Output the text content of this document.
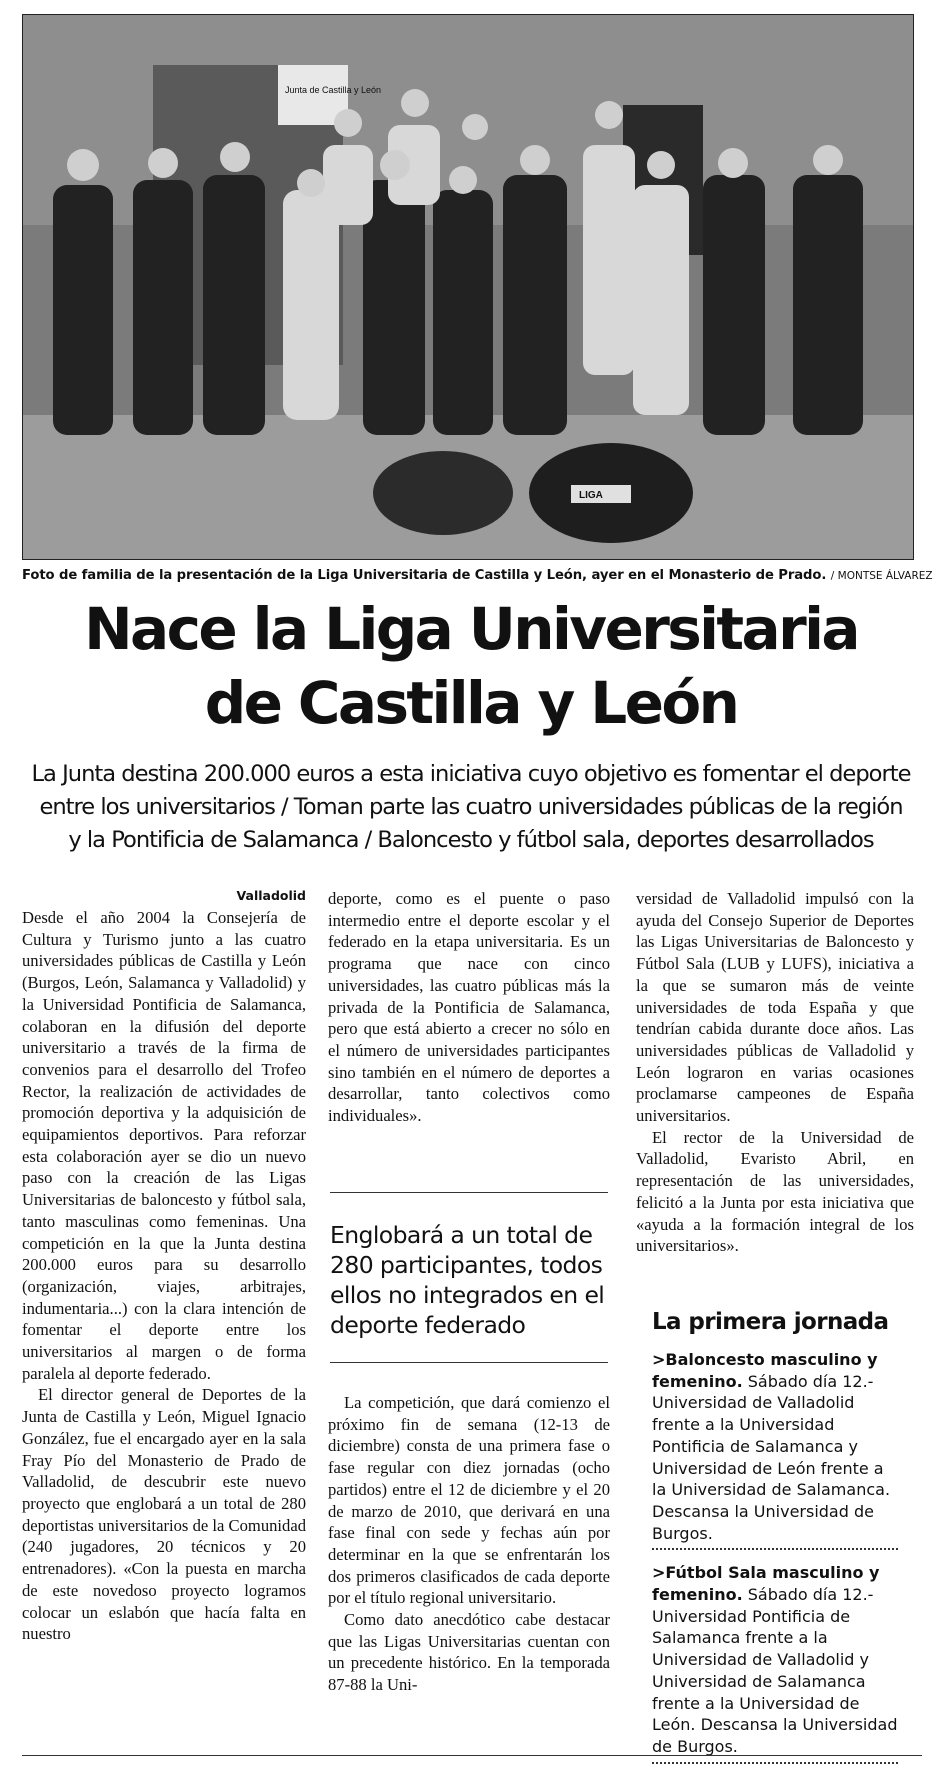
Junta de Castilla y León
LIGA
Foto de familia de la presentación de la Liga Universitaria de Castilla y León, ayer en el Monasterio de Prado. / MONTSE ÁLVAREZ
Nace la Liga Universitaria
de Castilla y León
La Junta destina 200.000 euros a esta iniciativa cuyo objetivo es fomentar el deporte
entre los universitarios / Toman parte las cuatro universidades públicas de la región
y la Pontificia de Salamanca / Baloncesto y fútbol sala, deportes desarrollados
Valladolid

Desde el año 2004 la Consejería de Cultura y Turismo junto a las cuatro universidades públicas de Castilla y León (Burgos, León, Salamanca y Valladolid) y la Universidad Pontificia de Salamanca, colaboran en la difusión del deporte universitario a través de la firma de convenios para el desarrollo del Trofeo Rector, la realización de actividades de promoción deportiva y la adquisición de equipamientos deportivos. Para reforzar esta colaboración ayer se dio un nuevo paso con la creación de las Ligas Universitarias de baloncesto y fútbol sala, tanto masculinas como femeninas. Una competición en la que la Junta destina 200.000 euros para su desarrollo (organización, viajes, arbitrajes, indumentaria...) con la clara intención de fomentar el deporte entre los universitarios al margen o de forma paralela al deporte federado.

El director general de Deportes de la Junta de Castilla y León, Miguel Ignacio González, fue el encargado ayer en la sala Fray Pío del Monasterio de Prado de Valladolid, de descubrir este nuevo proyecto que englobará a un total de 280 deportistas universitarios de la Comunidad (240 jugadores, 20 técnicos y 20 entrenadores). «Con la puesta en marcha de este novedoso proyecto logramos colocar un eslabón que hacía falta en nuestro

deporte, como es el puente o paso intermedio entre el deporte escolar y el federado en la etapa universitaria. Es un programa que nace con cinco universidades, las cuatro públicas más la privada de la Pontificia de Salamanca, pero que está abierto a crecer no sólo en el número de universidades participantes sino también en el número de deportes a desarrollar, tanto colectivos como individuales».

Englobará a un total de 280 participantes, todos ellos no integrados en el deporte federado

La competición, que dará comienzo el próximo fin de semana (12-13 de diciembre) consta de una primera fase o fase regular con diez jornadas (ocho partidos) entre el 12 de diciembre y el 20 de marzo de 2010, que derivará en una fase final con sede y fechas aún por determinar en la que se enfrentarán los dos primeros clasificados de cada deporte por el título regional universitario.

Como dato anecdótico cabe destacar que las Ligas Universitarias cuentan con un precedente histórico. En la temporada 87-88 la Uni-

versidad de Valladolid impulsó con la ayuda del Consejo Superior de Deportes las Ligas Universitarias de Baloncesto y Fútbol Sala (LUB y LUFS), iniciativa a la que se sumaron más de veinte universidades de toda España y que tendrían cabida durante doce años. Las universidades públicas de Valladolid y León lograron en varias ocasiones proclamarse campeones de España universitarios.

El rector de la Universidad de Valladolid, Evaristo Abril, en representación de las universidades, felicitó a la Junta por esta iniciativa que «ayuda a la formación integral de los universitarios».

La primera jornada
>Baloncesto masculino y femenino. Sábado día 12.- Universidad de Valladolid frente a la Universidad Pontificia de Salamanca y Universidad de León frente a la Universidad de Salamanca. Descansa la Universidad de Burgos.
>Fútbol Sala masculino y femenino. Sábado día 12.- Universidad Pontificia de Salamanca frente a la Universidad de Valladolid y Universidad de Salamanca frente a la Universidad de León. Descansa la Universidad de Burgos.
